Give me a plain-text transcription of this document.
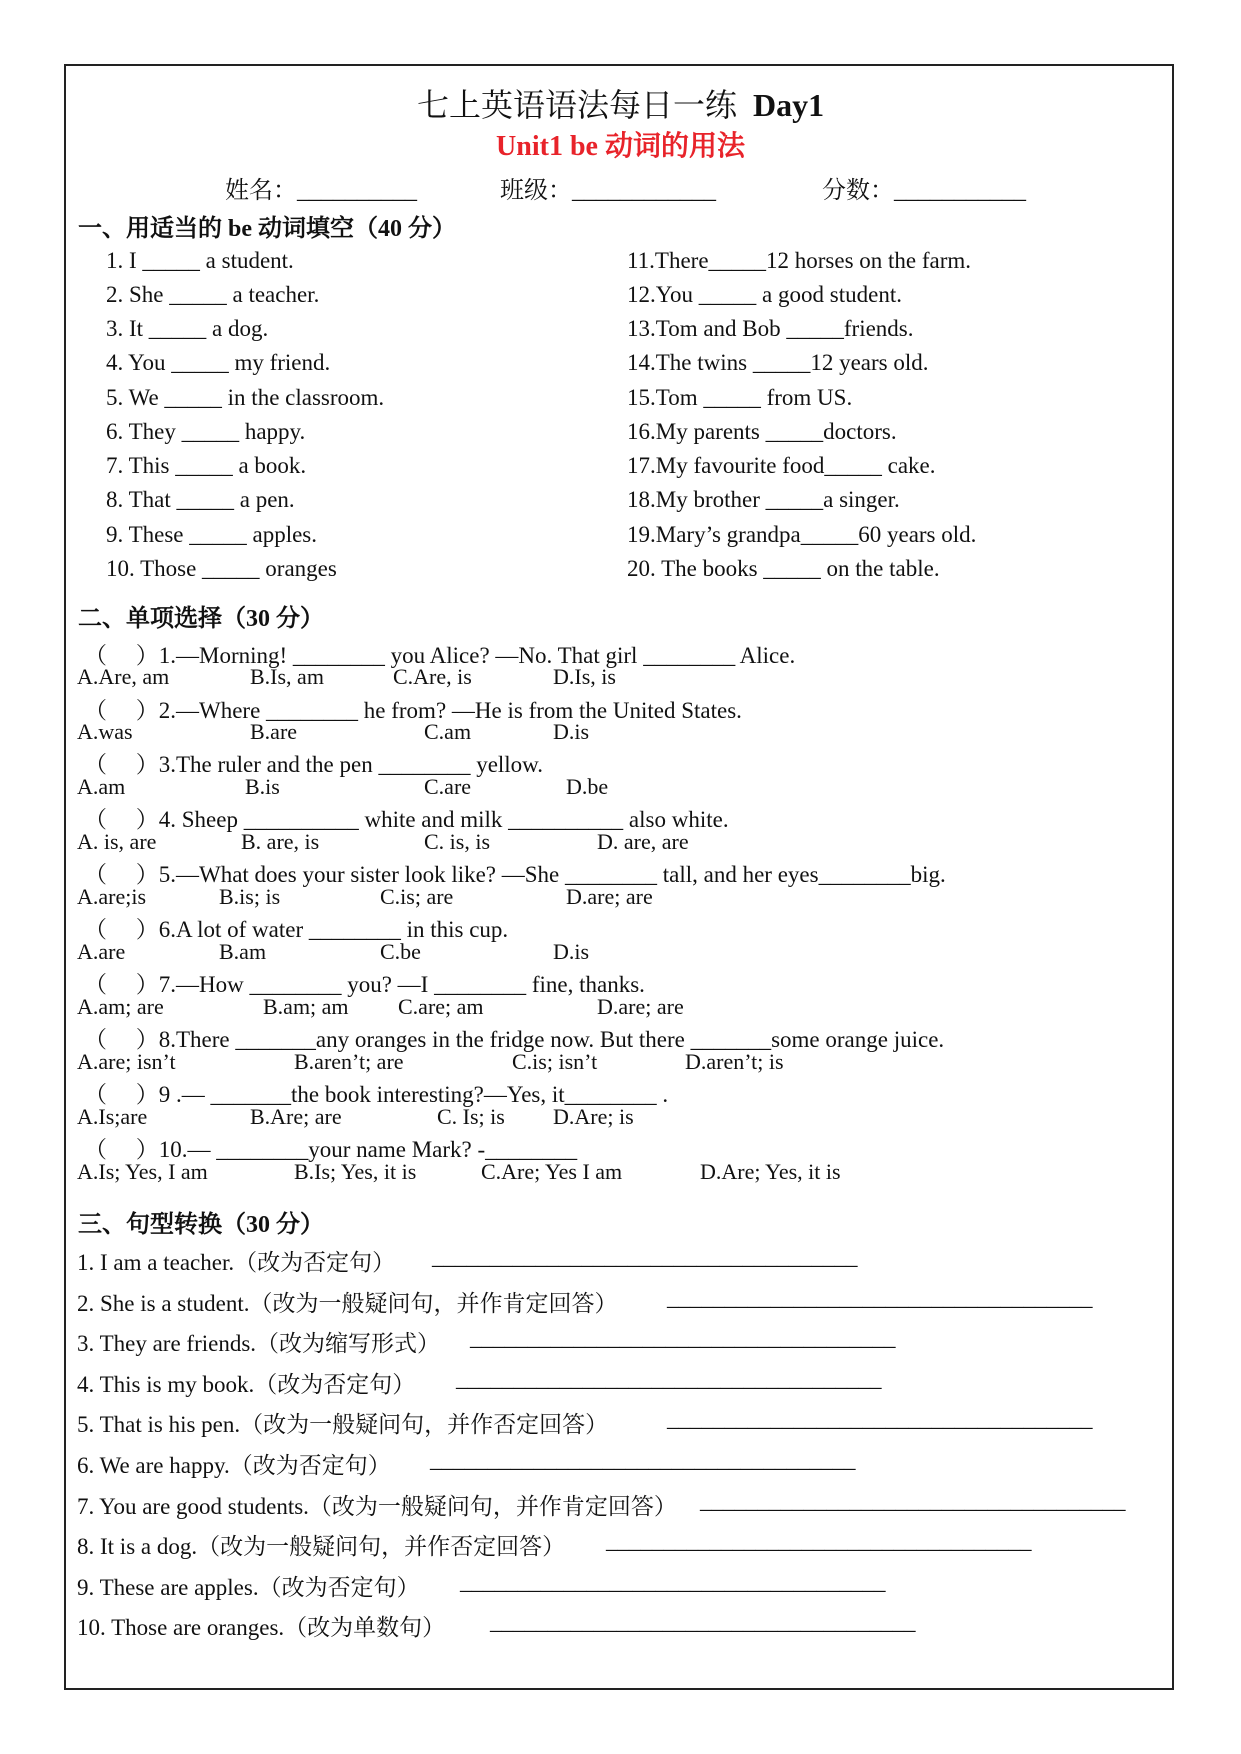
七上英语语法每日一练 Day1
Unit1 be 动词的用法
姓名：__________	班级：____________	分数：___________
一、用适当的 be 动词填空（40 分）
1. I _____ a student.
2. She _____ a teacher.
3. It _____ a dog.
4. You _____ my friend.
5. We _____ in the classroom.
6. They _____ happy.
7. This _____ a book.
8. That _____ a pen.
9. These _____ apples.
10. Those _____ oranges
11.There_____12 horses on the farm.
12.You _____ a good student.
13.Tom and Bob _____friends.
14.The twins _____12 years old.
15.Tom _____ from US.
16.My parents _____doctors.
17.My favourite food_____ cake.
18.My brother _____a singer.
19.Mary’s grandpa_____60 years old.
20. The books _____ on the table.
二、单项选择（30 分）
（　 ）1.—Morning! ________ you Alice? —No. That girl ________ Alice.
A.Are, am	B.Is, am	C.Are, is	D.Is, is
（　 ）2.—Where ________ he from? —He is from the United States.
A.was	B.are	C.am	D.is
（　 ）3.The ruler and the pen ________ yellow.
A.am	B.is	C.are	D.be
（　 ）4. Sheep __________ white and milk __________ also white.
A. is, are	B. are, is	C. is, is	D. are, are
（　 ）5.—What does your sister look like? —She ________ tall, and her eyes________big.
A.are;is	B.is; is	C.is; are	D.are; are
（　 ）6.A lot of water ________ in this cup.
A.are	B.am	C.be	D.is
（　 ）7.—How ________ you? —I ________ fine, thanks.
A.am; are	B.am; am C.are; am	D.are; are
（　 ）8.There _______any oranges in the fridge now. But there _______some orange juice.
A.are; isn’t	B.aren’t; are	C.is; isn’t	D.aren’t; is
（　 ）9 .— _______the book interesting?—Yes, it________ .
A.Is;are	B.Are; are	C. Is; is D.Are; is
（　 ）10.— ________your name Mark? -________
A.Is; Yes, I am	B.Is; Yes, it is	C.Are; Yes I am	D.Are; Yes, it is
三、句型转换（30 分）
1. I am a teacher.（改为否定句） _____________________________________
2. She is a student.（改为一般疑问句，并作肯定回答） _____________________________________
3. They are friends.（改为缩写形式） _____________________________________
4. This is my book.（改为否定句） _____________________________________
5. That is his pen.（改为一般疑问句，并作否定回答）	_____________________________________
6. We are happy.（改为否定句） _____________________________________
7. You are good students.（改为一般疑问句，并作肯定回答） _____________________________________
8. It is a dog.（改为一般疑问句，并作否定回答） _____________________________________
9. These are apples.（改为否定句） _____________________________________
10. Those are oranges.（改为单数句） _____________________________________
